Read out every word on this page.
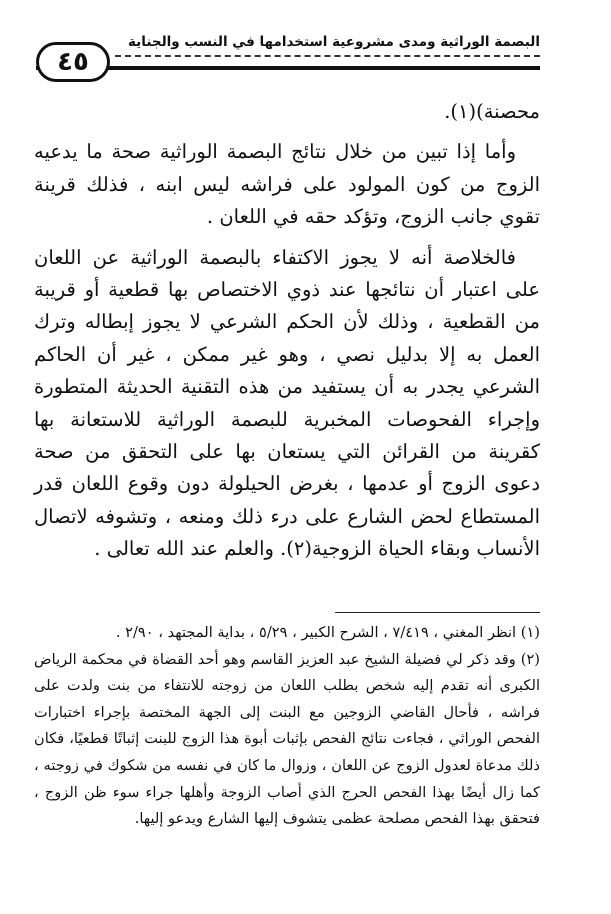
البصمة الوراثية ومدى مشروعية استخدامها في النسب والجناية
٤٥

محصنة)(١).

وأما إذا تبين من خلال نتائج البصمة الوراثية صحة ما يدعيه الزوج من كون المولود على فراشه ليس ابنه ، فذلك قرينة تقوي جانب الزوج، وتؤكد حقه في اللعان .

فالخلاصة أنه لا يجوز الاكتفاء بالبصمة الوراثية عن اللعان على اعتبار أن نتائجها عند ذوي الاختصاص بها قطعية أو قريبة من القطعية ، وذلك لأن الحكم الشرعي لا يجوز إبطاله وترك العمل به إلا بدليل نصي ، وهو غير ممكن ، غير أن الحاكم الشرعي يجدر به أن يستفيد من هذه التقنية الحديثة المتطورة وإجراء الفحوصات المخبرية للبصمة الوراثية للاستعانة بها كقرينة من القرائن التي يستعان بها على التحقق من صحة دعوى الزوج أو عدمها ، بغرض الحيلولة دون وقوع اللعان قدر المستطاع لحض الشارع على درء ذلك ومنعه ، وتشوفه لاتصال الأنساب وبقاء الحياة الزوجية(٢). والعلم عند الله تعالى .

(١) انظر المغني ، ٧/٤١٩ ، الشرح الكبير ، ٥/٢٩ ، بداية المجتهد ، ٢/٩٠ .

(٢) وقد ذكر لي فضيلة الشيخ عبد العزيز القاسم وهو أحد القضاة في محكمة الرياض الكبرى أنه تقدم إليه شخص بطلب اللعان من زوجته للانتفاء من بنت ولدت على فراشه ، فأحال القاضي الزوجين مع البنت إلى الجهة المختصة بإجراء اختبارات الفحص الوراثي ، فجاءت نتائج الفحص بإثبات أبوة هذا الزوج للبنت إثباتًا قطعيًا، فكان ذلك مدعاة لعدول الزوج عن اللعان ، وزوال ما كان في نفسه من شكوك في زوجته ، كما زال أيضًا بهذا الفحص الحرج الذي أصاب الزوجة وأهلها جراء سوء ظن الزوج ، فتحقق بهذا الفحص مصلحة عظمى يتشوف إليها الشارع ويدعو إليها.
